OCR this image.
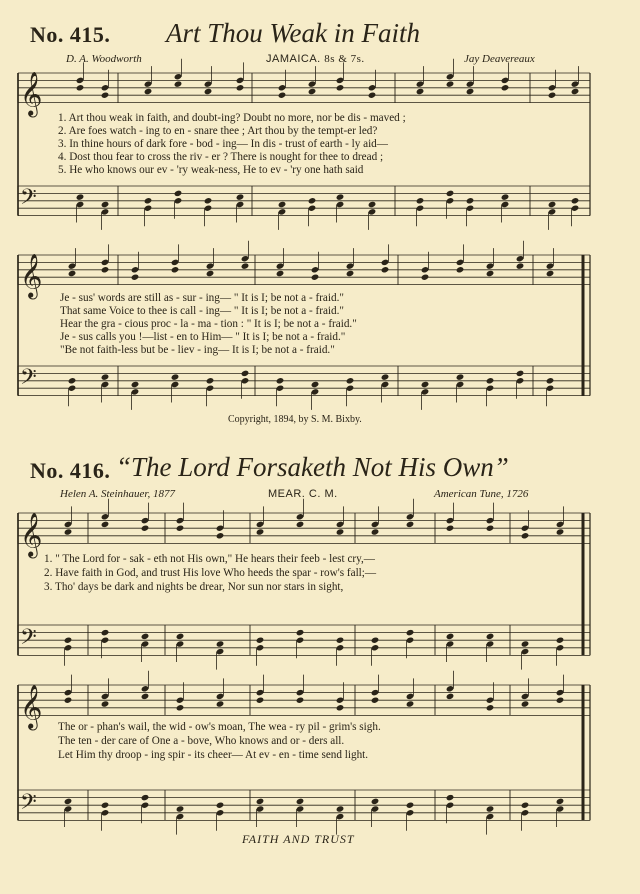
No. 415. Art Thou Weak in Faith
D. A. Woodworth	JAMAICA. 8s & 7s.	Jay Deavereaux
𝄞
𝄢
𝄞
𝄢
𝄞
𝄢
𝄞
𝄢
1. Art thou weak in faith, and doubt-ing? Doubt no more, nor be dis - maved ;
2. Are foes watch - ing to en - snare thee ; Art thou by the tempt-er led?
3. In thine hours of dark fore - bod - ing— In dis - trust of earth - ly aid—
4. Dost thou fear to cross the riv - er ? There is nought for thee to dread ;
5. He who knows our ev - 'ry weak-ness, He to ev - 'ry one hath said
Je - sus' words are still as - sur - ing— " It is I; be not a - fraid."
That same Voice to thee is call - ing— " It is I; be not a - fraid."
Hear the gra - cious proc - la - ma - tion : " It is I; be not a - fraid."
Je - sus calls you !—list - en to Him— " It is I; be not a - fraid."
"Be not faith-less but be - liev - ing— It is I; be not a - fraid."
Copyright, 1894, by S. M. Bixby.
No. 416. “The Lord Forsaketh Not His Own”
Helen A. Steinhauer, 1877	MEAR. C. M.	American Tune, 1726
1. " The Lord for - sak - eth not His own," He hears their feeb - lest cry,—
2. Have faith in God, and trust His love Who heeds the spar - row's fall;—
3. Tho' days be dark and nights be drear, Nor sun nor stars in sight,
The or - phan's wail, the wid - ow's moan, The wea - ry pil - grim's sigh.
The ten - der care of One a - bove, Who knows and or - ders all.
Let Him thy droop - ing spir - its cheer— At ev - en - time send light.
FAITH AND TRUST
